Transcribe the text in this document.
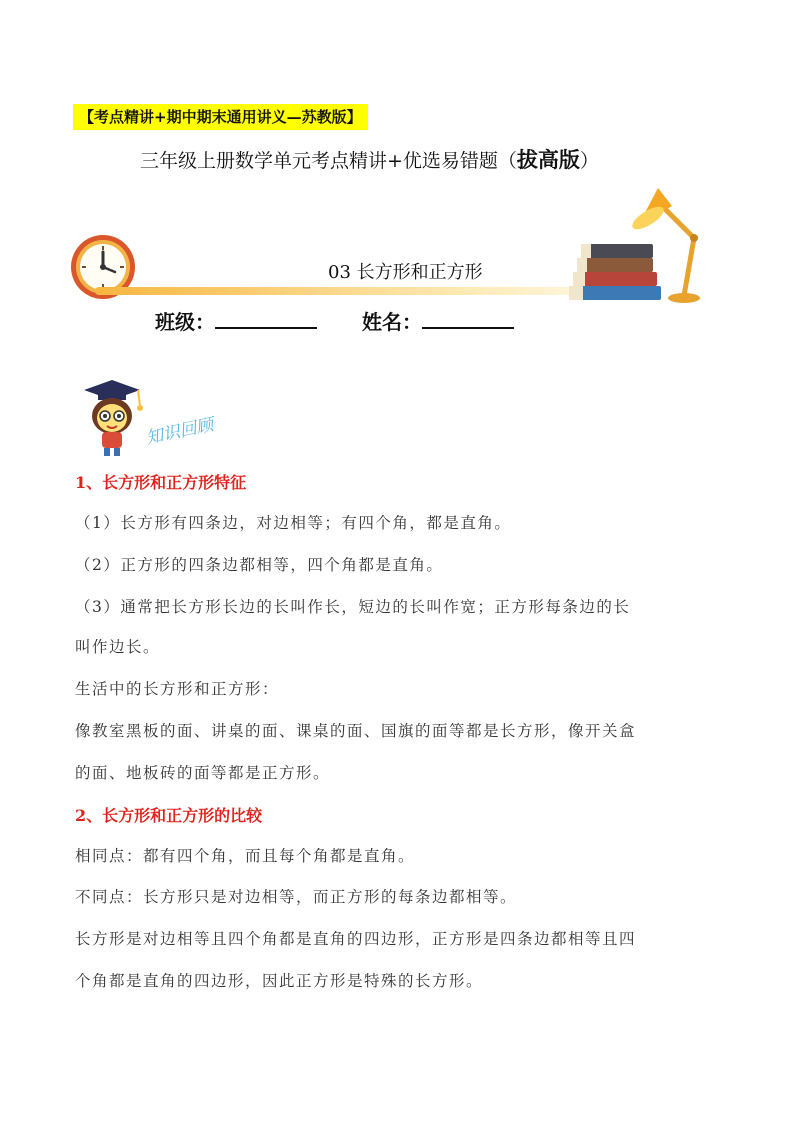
【考点精讲+期中期末通用讲义—苏教版】
三年级上册数学单元考点精讲+优选易错题（拔高版）
03 长方形和正方形
班级：	姓名：
知识回顾
1、长方形和正方形特征
（1）长方形有四条边，对边相等；有四个角，都是直角。
（2）正方形的四条边都相等，四个角都是直角。
（3）通常把长方形长边的长叫作长，短边的长叫作宽；正方形每条边的长
叫作边长。
生活中的长方形和正方形：
像教室黑板的面、讲桌的面、课桌的面、国旗的面等都是长方形，像开关盒
的面、地板砖的面等都是正方形。
2、长方形和正方形的比较
相同点：都有四个角，而且每个角都是直角。
不同点：长方形只是对边相等，而正方形的每条边都相等。
长方形是对边相等且四个角都是直角的四边形，正方形是四条边都相等且四
个角都是直角的四边形，因此正方形是特殊的长方形。
